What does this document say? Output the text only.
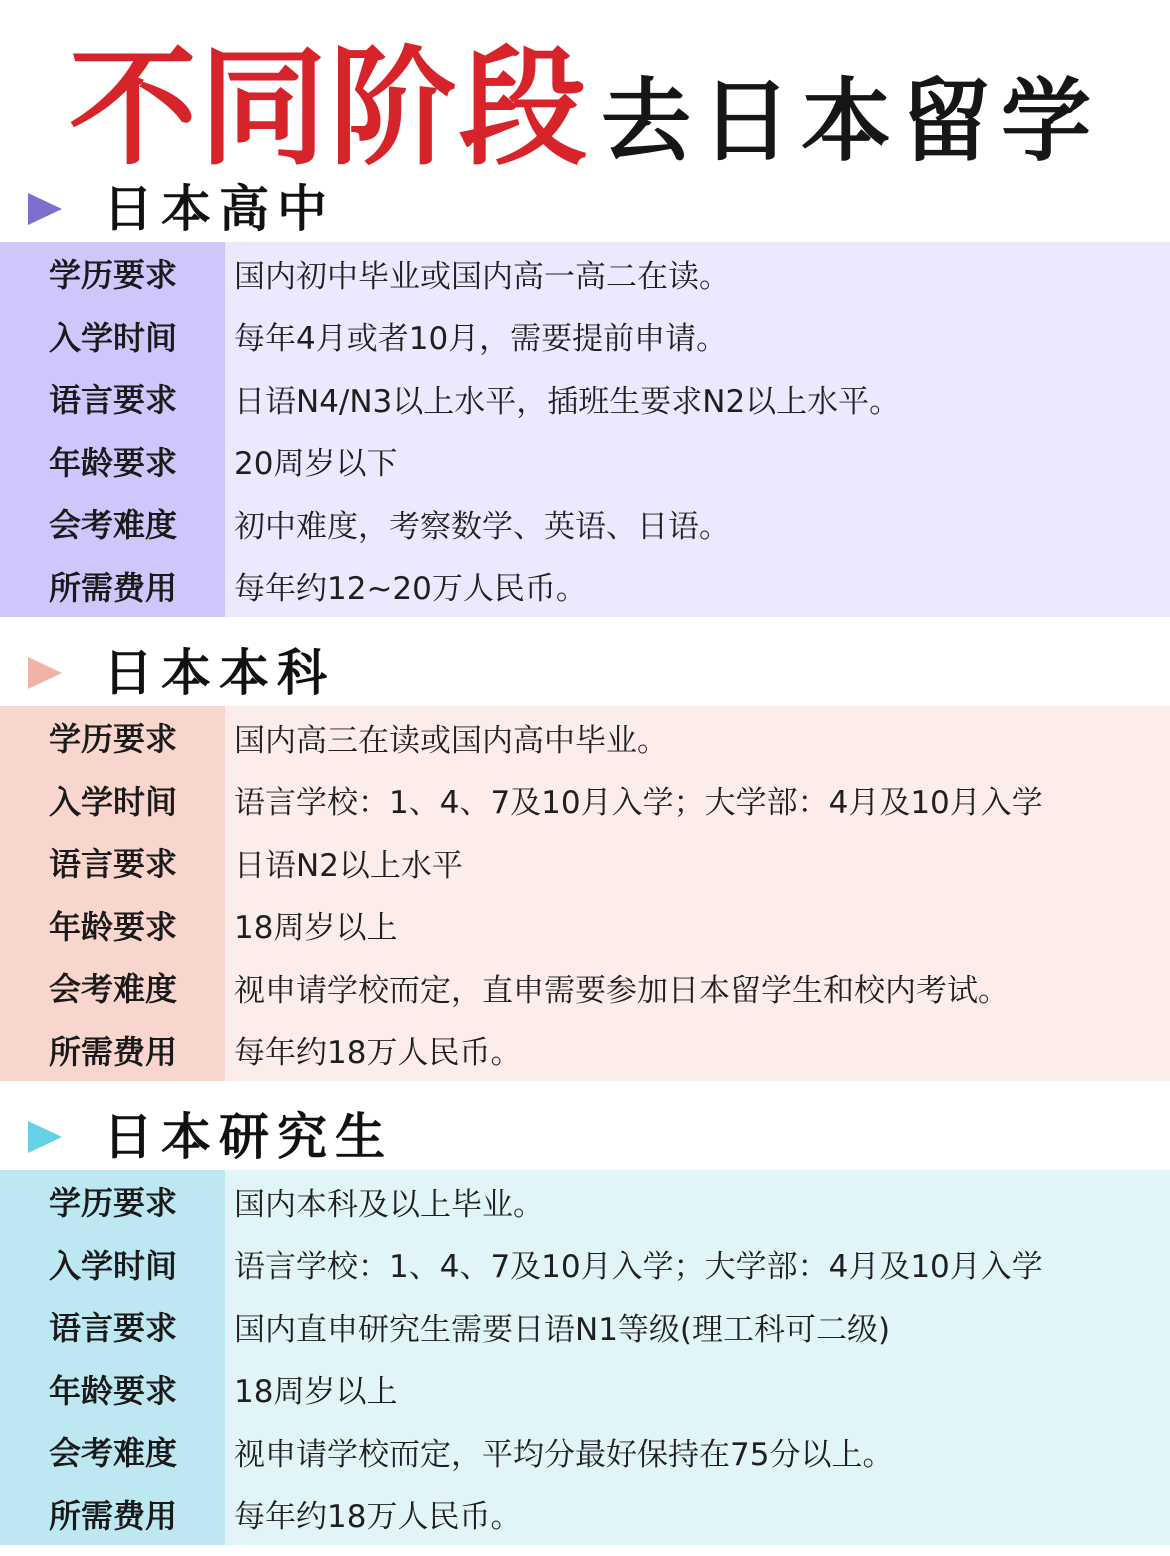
不同阶段 去日本留学
日本高中
学历要求	国内初中毕业或国内高一高二在读。
入学时间	每年4月或者10月，需要提前申请。
语言要求	日语N4/N3以上水平，插班生要求N2以上水平。
年龄要求	20周岁以下
会考难度	初中难度，考察数学、英语、日语。
所需费用	每年约12~20万人民币。
日本本科
学历要求	国内高三在读或国内高中毕业。
入学时间	语言学校：1、4、7及10月入学；大学部：4月及10月入学
语言要求	日语N2以上水平
年龄要求	18周岁以上
会考难度	视申请学校而定，直申需要参加日本留学生和校内考试。
所需费用	每年约18万人民币。
日本研究生
学历要求	国内本科及以上毕业。
入学时间	语言学校：1、4、7及10月入学；大学部：4月及10月入学
语言要求	国内直申研究生需要日语N1等级(理工科可二级)
年龄要求	18周岁以上
会考难度	视申请学校而定，平均分最好保持在75分以上。
所需费用	每年约18万人民币。
